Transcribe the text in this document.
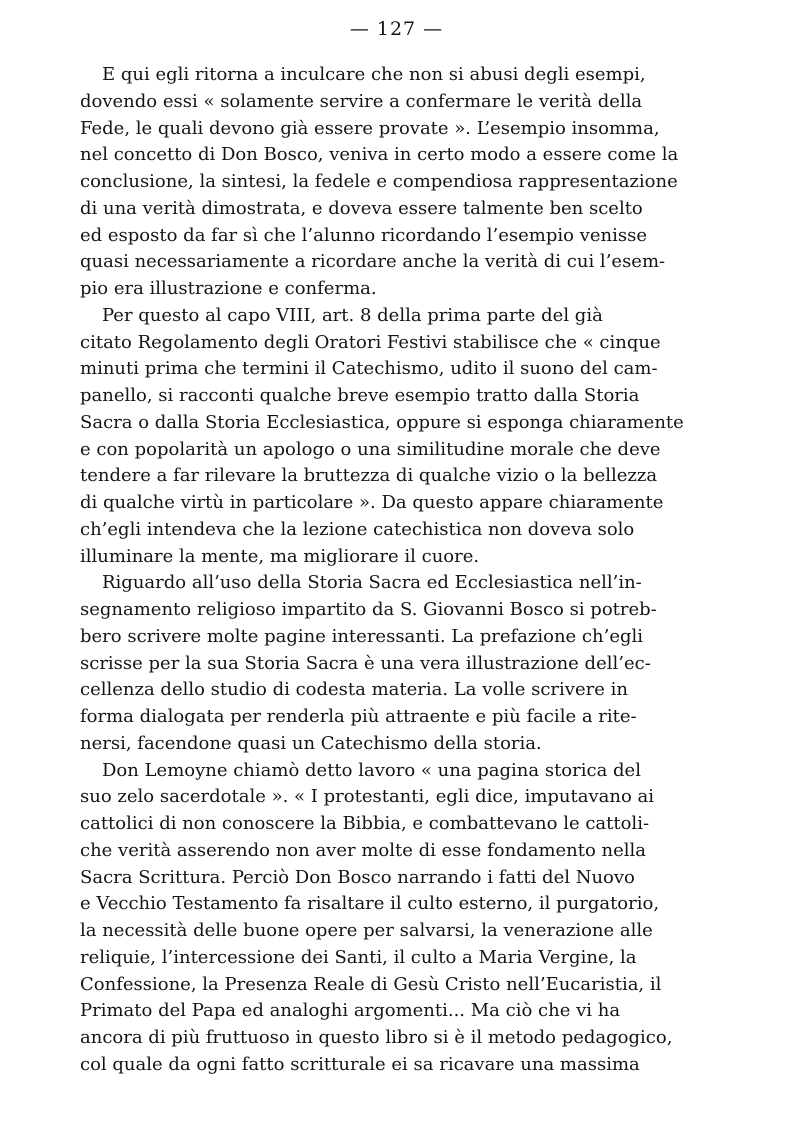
— 127 —
E qui egli ritorna a inculcare che non si abusi degli esempi,
dovendo essi « solamente servire a confermare le verità della
Fede, le quali devono già essere provate ». L’esempio insomma,
nel concetto di Don Bosco, veniva in certo modo a essere come la
conclusione, la sintesi, la fedele e compendiosa rappresentazione
di una verità dimostrata, e doveva essere talmente ben scelto
ed esposto da far sì che l’alunno ricordando l’esempio venisse
quasi necessariamente a ricordare anche la verità di cui l’esem-
pio era illustrazione e conferma.
Per questo al capo VIII, art. 8 della prima parte del già
citato Regolamento degli Oratori Festivi stabilisce che « cinque
minuti prima che termini il Catechismo, udito il suono del cam-
panello, si racconti qualche breve esempio tratto dalla Storia
Sacra o dalla Storia Ecclesiastica, oppure si esponga chiaramente
e con popolarità un apologo o una similitudine morale che deve
tendere a far rilevare la bruttezza di qualche vizio o la bellezza
di qualche virtù in particolare ». Da questo appare chiaramente
ch’egli intendeva che la lezione catechistica non doveva solo
illuminare la mente, ma migliorare il cuore.
Riguardo all’uso della Storia Sacra ed Ecclesiastica nell’in-
segnamento religioso impartito da S. Giovanni Bosco si potreb-
bero scrivere molte pagine interessanti. La prefazione ch’egli
scrisse per la sua Storia Sacra è una vera illustrazione dell’ec-
cellenza dello studio di codesta materia. La volle scrivere in
forma dialogata per renderla più attraente e più facile a rite-
nersi, facendone quasi un Catechismo della storia.
Don Lemoyne chiamò detto lavoro « una pagina storica del
suo zelo sacerdotale ». « I protestanti, egli dice, imputavano ai
cattolici di non conoscere la Bibbia, e combattevano le cattoli-
che verità asserendo non aver molte di esse fondamento nella
Sacra Scrittura. Perciò Don Bosco narrando i fatti del Nuovo
e Vecchio Testamento fa risaltare il culto esterno, il purgatorio,
la necessità delle buone opere per salvarsi, la venerazione alle
reliquie, l’intercessione dei Santi, il culto a Maria Vergine, la
Confessione, la Presenza Reale di Gesù Cristo nell’Eucaristia, il
Primato del Papa ed analoghi argomenti... Ma ciò che vi ha
ancora di più fruttuoso in questo libro si è il metodo pedagogico,
col quale da ogni fatto scritturale ei sa ricavare una massima
